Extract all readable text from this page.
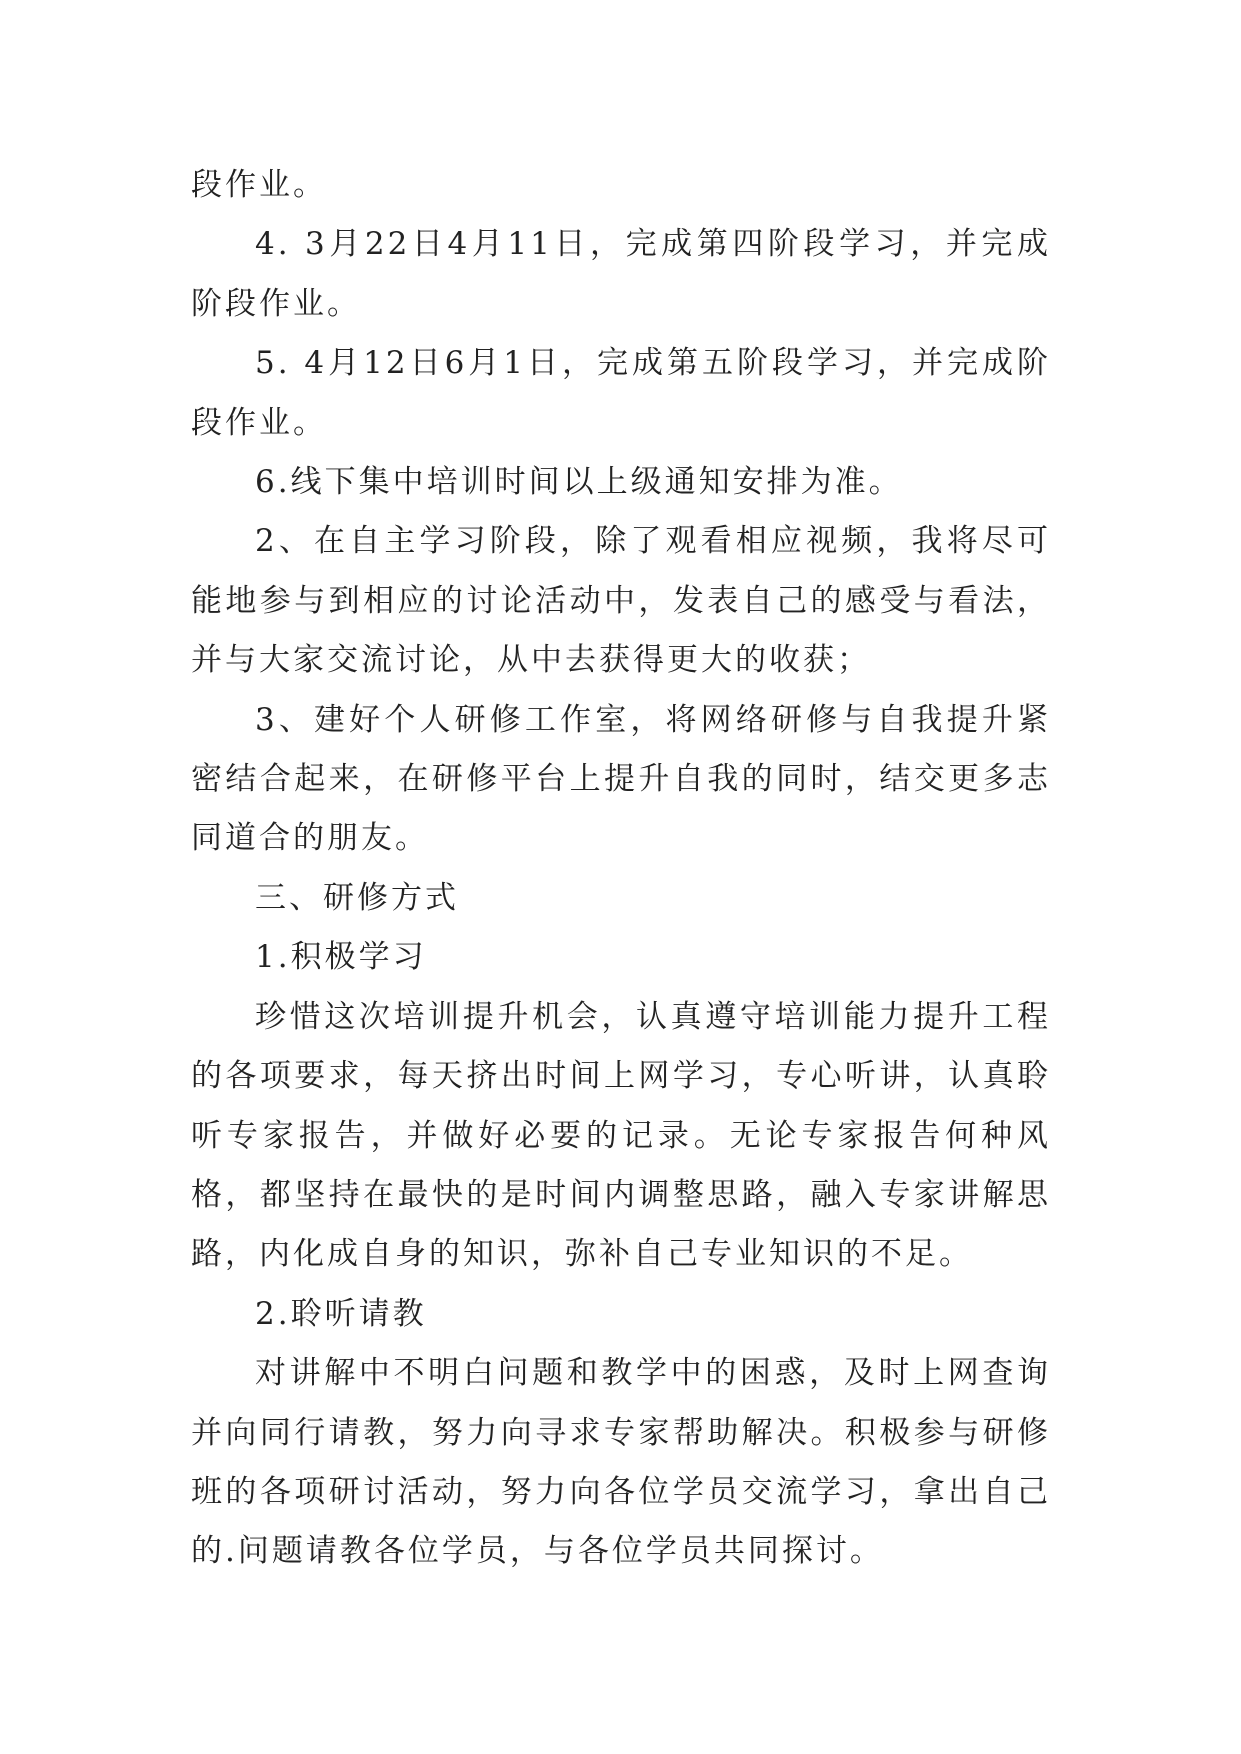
段作业。

4. 3月22日4月11日，完成第四阶段学习，并完成阶段作业。

5. 4月12日6月1日，完成第五阶段学习，并完成阶段作业。

6.线下集中培训时间以上级通知安排为准。

2、在自主学习阶段，除了观看相应视频，我将尽可能地参与到相应的讨论活动中，发表自己的感受与看法，并与大家交流讨论，从中去获得更大的收获；

3、建好个人研修工作室，将网络研修与自我提升紧密结合起来，在研修平台上提升自我的同时，结交更多志同道合的朋友。

三、研修方式

1.积极学习

珍惜这次培训提升机会，认真遵守培训能力提升工程的各项要求，每天挤出时间上网学习，专心听讲，认真聆听专家报告，并做好必要的记录。无论专家报告何种风格，都坚持在最快的是时间内调整思路，融入专家讲解思路，内化成自身的知识，弥补自己专业知识的不足。

2.聆听请教

对讲解中不明白问题和教学中的困惑，及时上网查询并向同行请教，努力向寻求专家帮助解决。积极参与研修班的各项研讨活动，努力向各位学员交流学习，拿出自己的.问题请教各位学员，与各位学员共同探讨。
